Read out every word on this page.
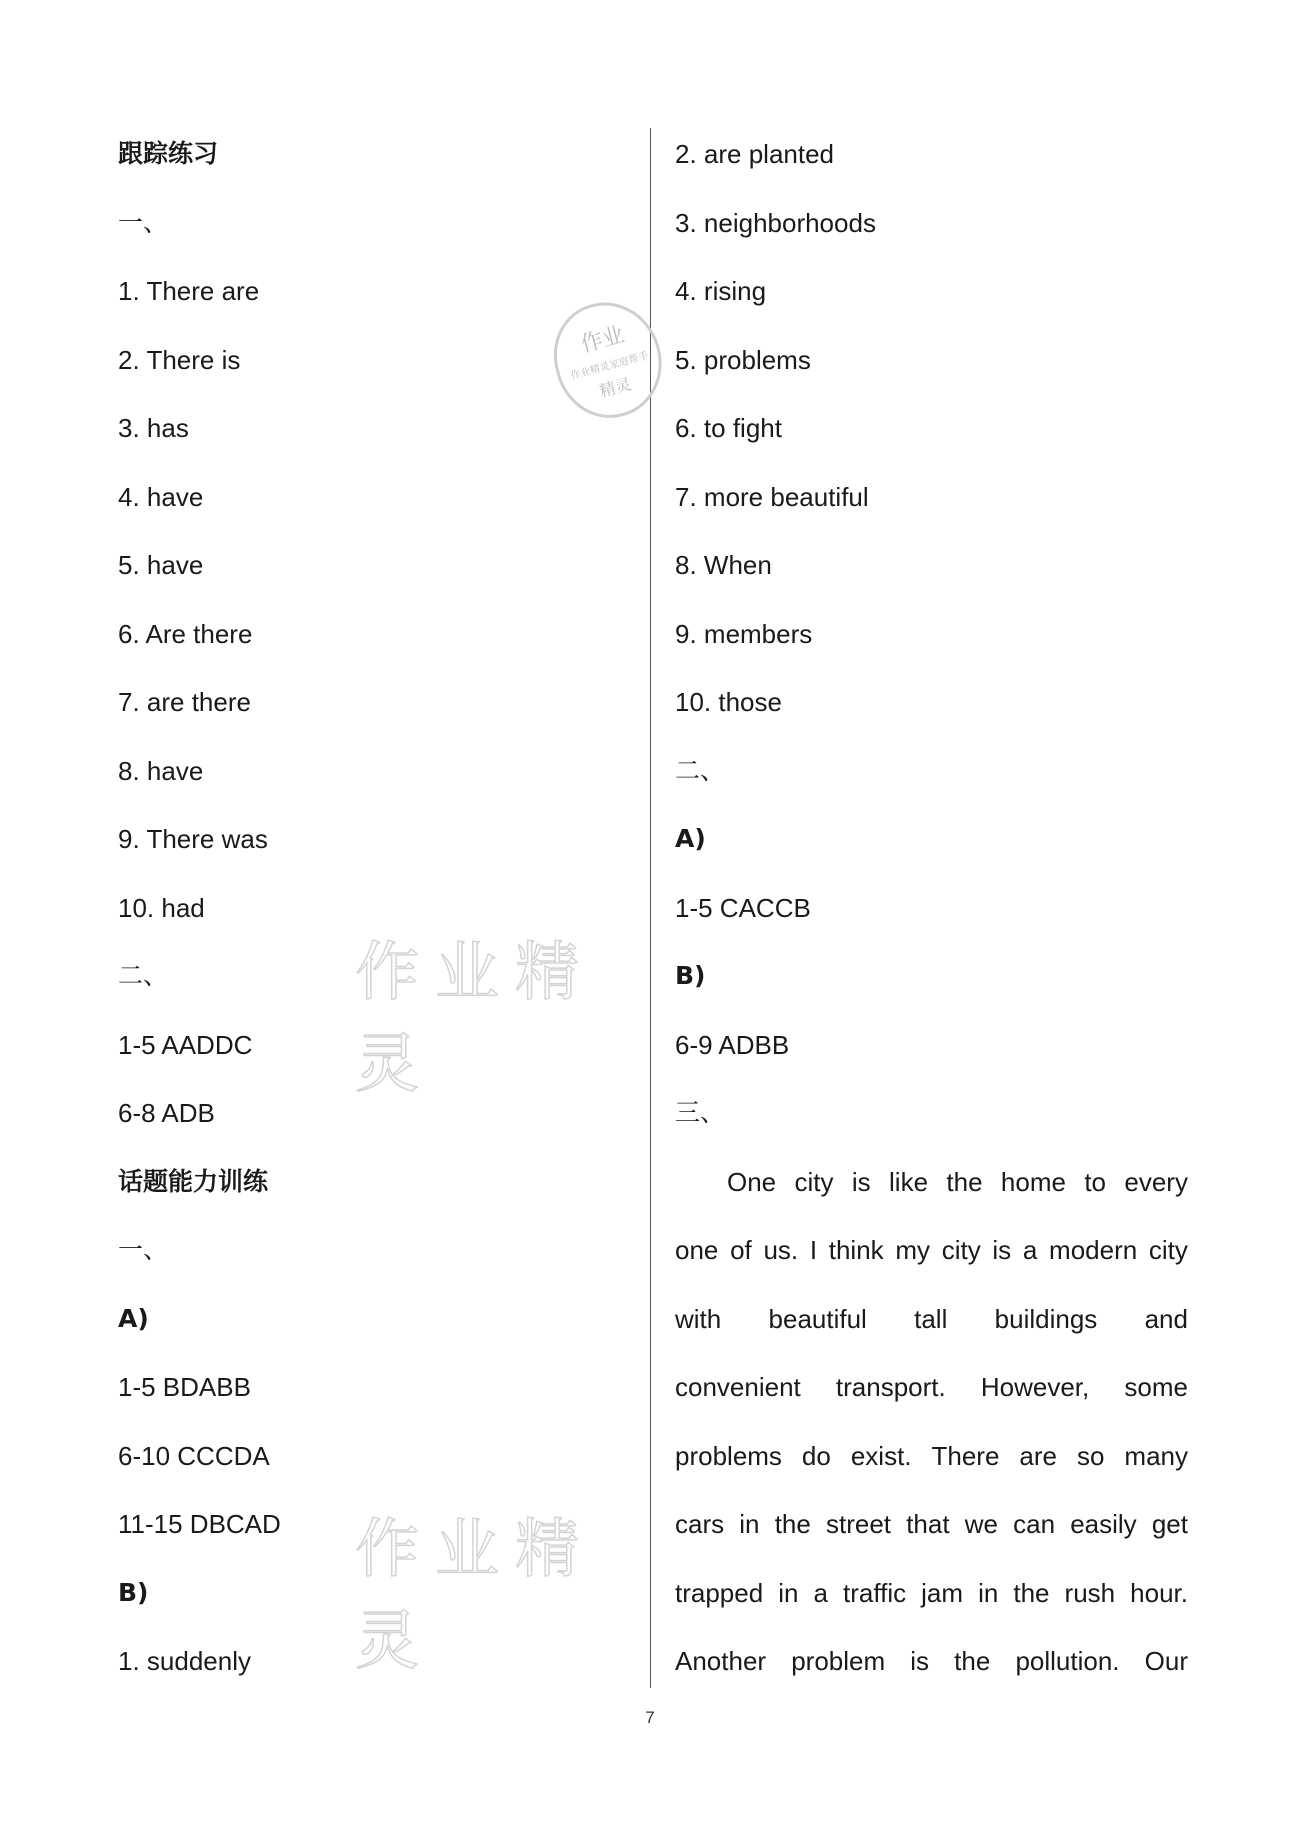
跟踪练习
一、
1. There are
2. There is
3. has
4. have
5. have
6. Are there
7. are there
8. have
9. There was
10. had
二、
1-5 AADDC
6-8 ADB
话题能力训练
一、
A)
1-5 BDABB
6-10 CCCDA
11-15 DBCAD
B)
1. suddenly
2. are planted
3. neighborhoods
4. rising
5. problems
6. to fight
7. more beautiful
8. When
9. members
10. those
二、
A)
1-5 CACCB
B)
6-9 ADBB
三、
One city is like the home to every
one of us. I think my city is a modern city
with beautiful tall buildings and
convenient transport. However, some
problems do exist. There are so many
cars in the street that we can easily get
trapped in a traffic jam in the rush hour.
Another problem is the pollution. Our
作业精灵
作业精灵
作业
作业精灵家庭帮手
精灵
7
